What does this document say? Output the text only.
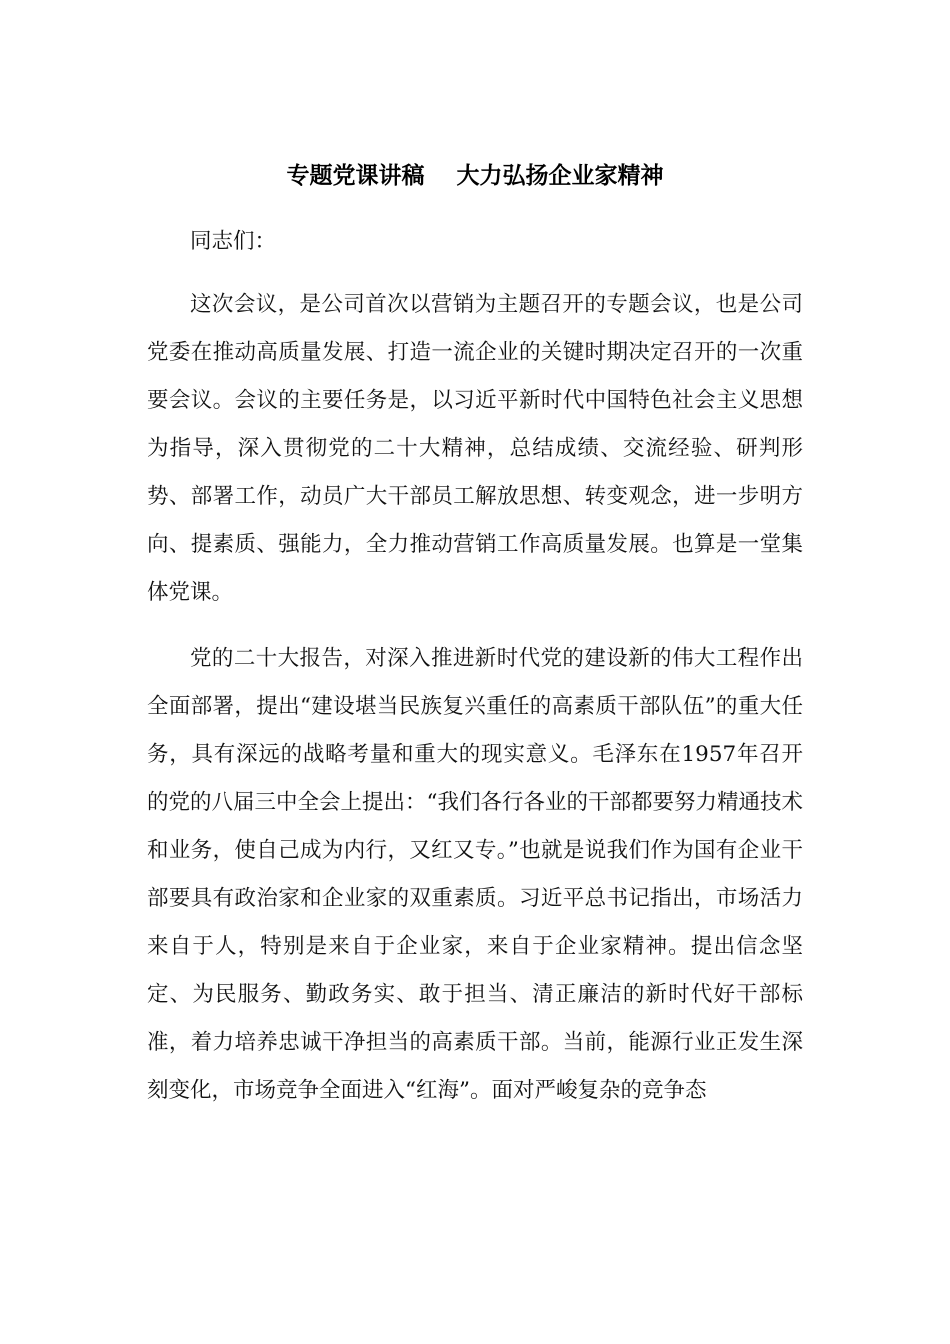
专题党课讲稿    大力弘扬企业家精神

同志们：

这次会议，是公司首次以营销为主题召开的专题会议，也是公司党委在推动高质量发展、打造一流企业的关键时期决定召开的一次重要会议。会议的主要任务是，以习近平新时代中国特色社会主义思想为指导，深入贯彻党的二十大精神，总结成绩、交流经验、研判形势、部署工作，动员广大干部员工解放思想、转变观念，进一步明方向、提素质、强能力，全力推动营销工作高质量发展。也算是一堂集体党课。

党的二十大报告，对深入推进新时代党的建设新的伟大工程作出全面部署，提出“建设堪当民族复兴重任的高素质干部队伍”的重大任务，具有深远的战略考量和重大的现实意义。毛泽东在1957年召开的党的八届三中全会上提出：“我们各行各业的干部都要努力精通技术和业务，使自己成为内行，又红又专。”也就是说我们作为国有企业干部要具有政治家和企业家的双重素质。习近平总书记指出，市场活力来自于人，特别是来自于企业家，来自于企业家精神。提出信念坚定、为民服务、勤政务实、敢于担当、清正廉洁的新时代好干部标准，着力培养忠诚干净担当的高素质干部。当前，能源行业正发生深刻变化，市场竞争全面进入“红海”。面对严峻复杂的竞争态
